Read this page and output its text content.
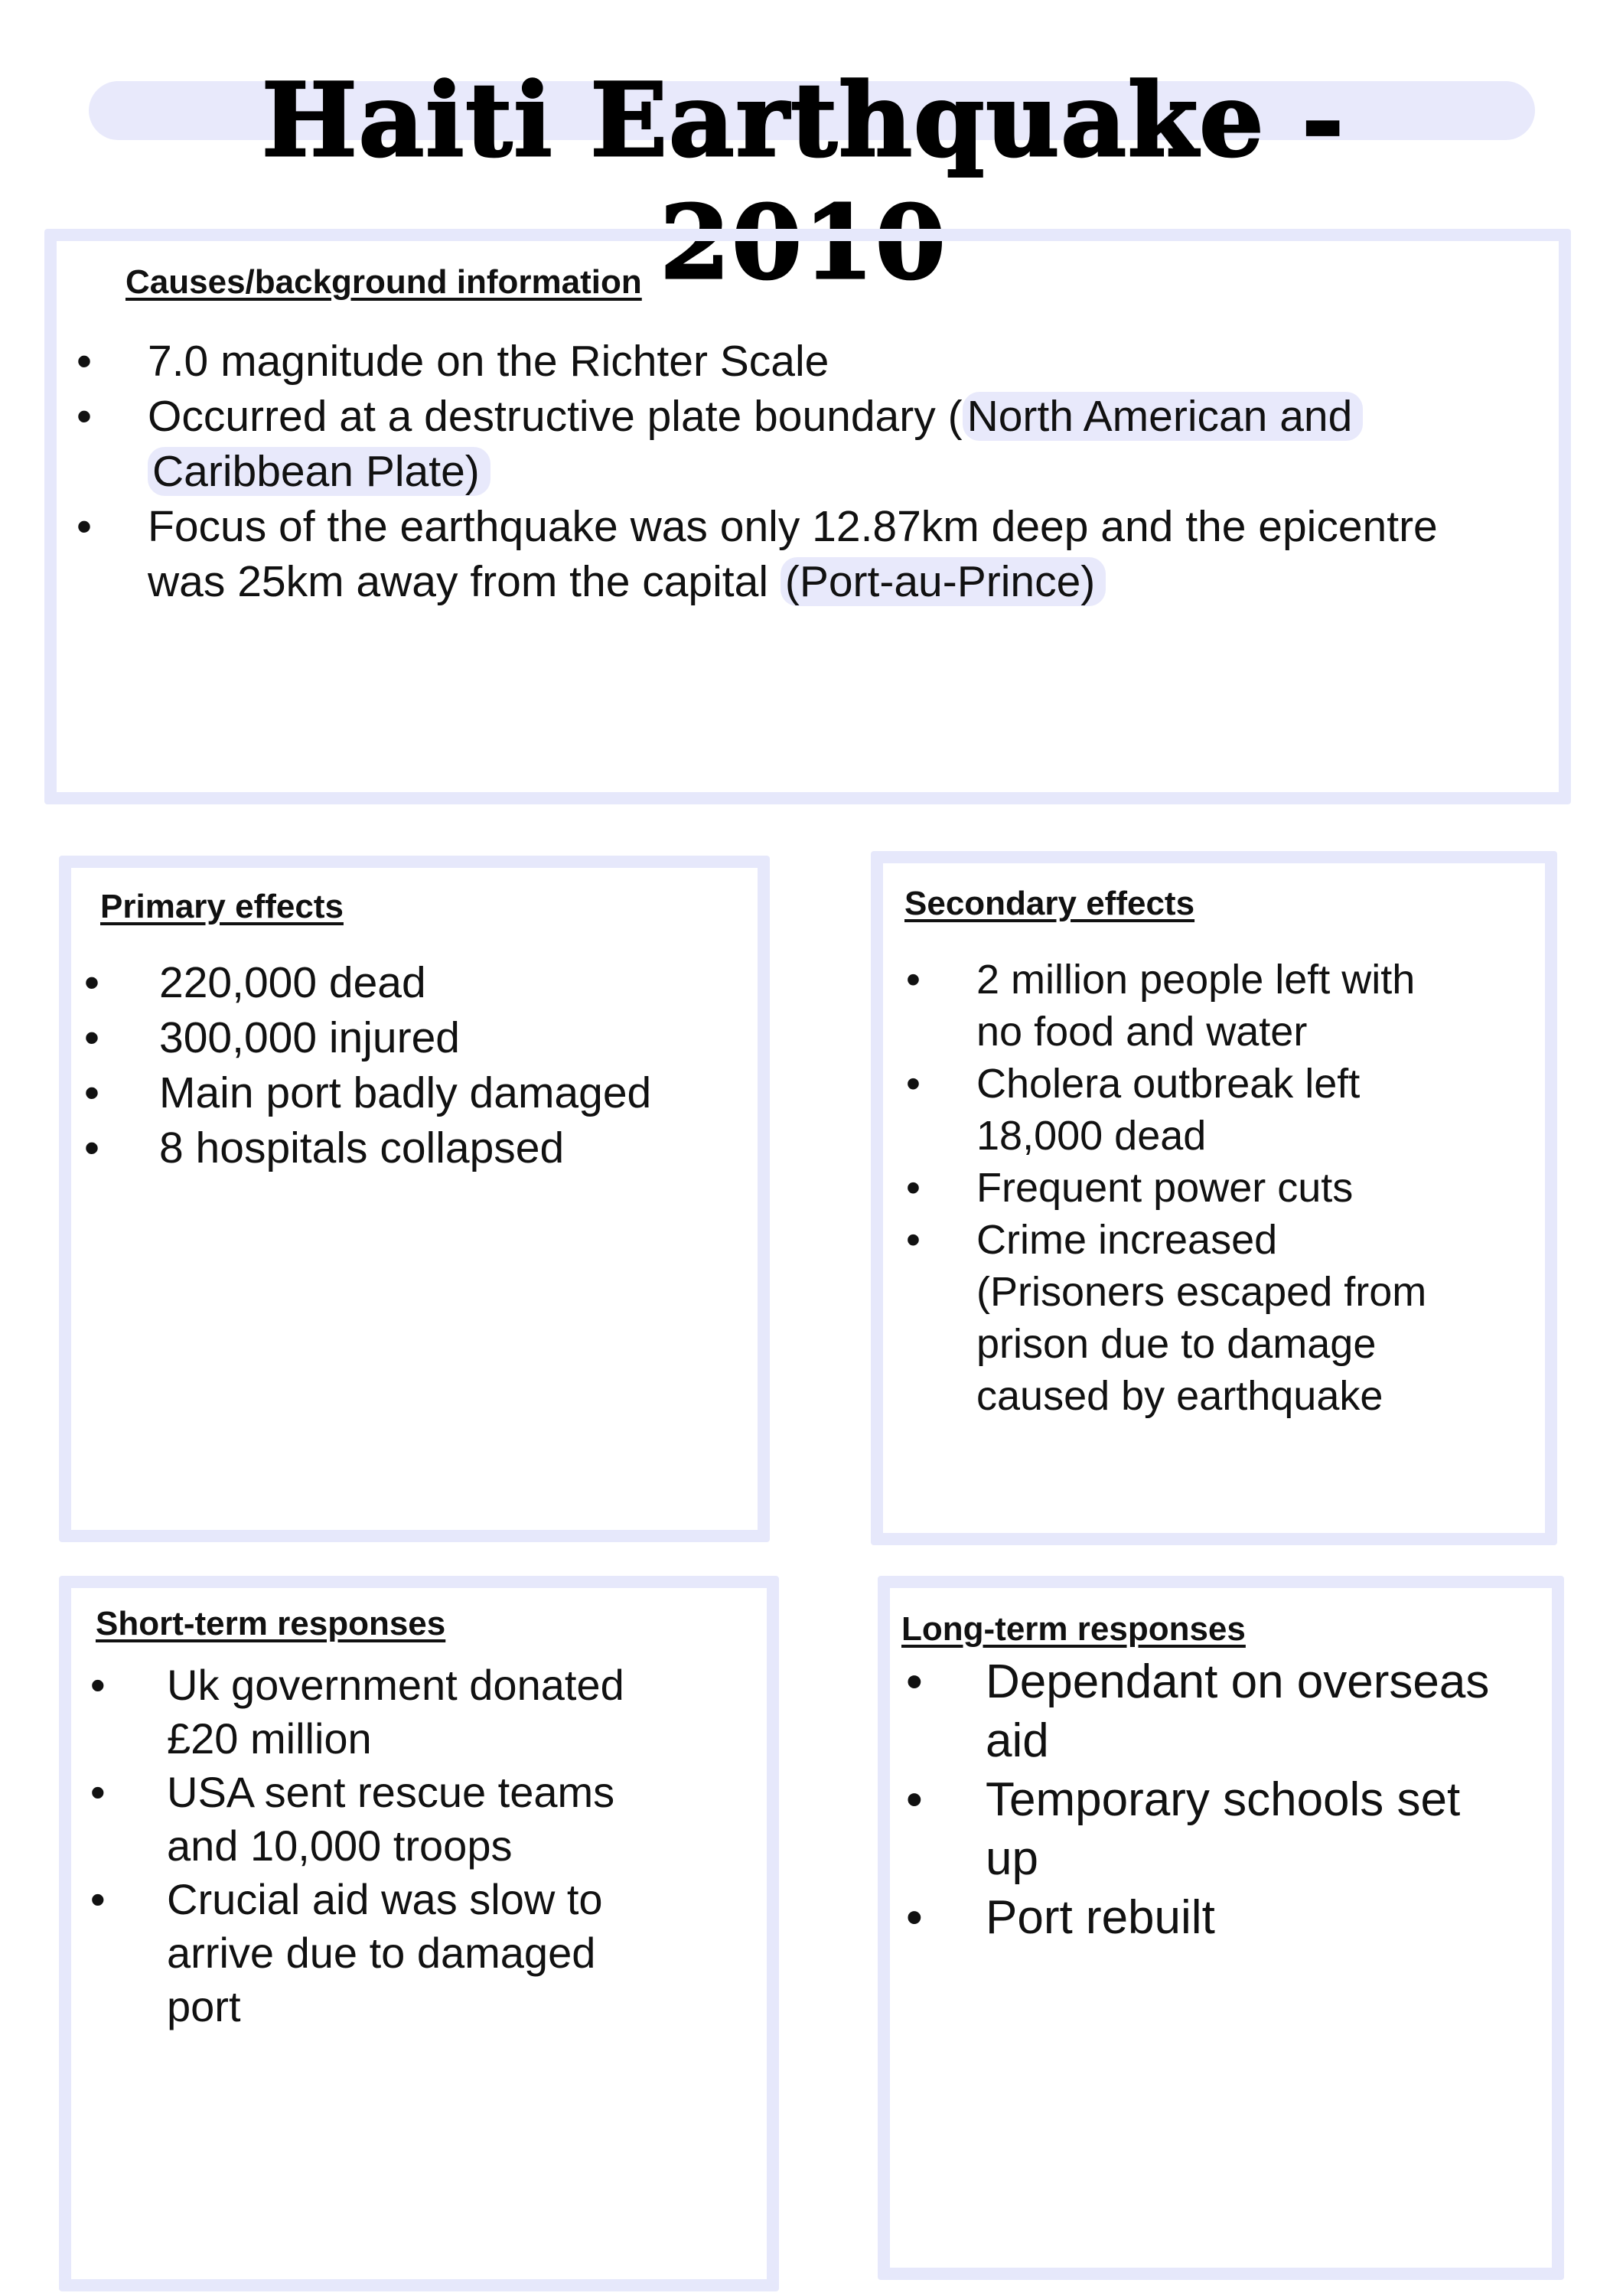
Haiti Earthquake - 2010
Causes/background information
• 7.0 magnitude on the Richter Scale
• Occurred at a destructive plate boundary ( North American and
Caribbean Plate)
• Focus of the earthquake was only 12.87km deep and the epicentre was 25km away from the capital (Port-au-Prince)
Primary effects
• 220,000 dead
• 300,000 injured
• Main port badly damaged
• 8 hospitals collapsed
Secondary effects
• 2 million people left with no food and water
• Cholera outbreak left 18,000 dead
• Frequent power cuts
• Crime increased (Prisoners escaped from prison due to damage caused by earthquake
Short-term responses
• Uk government donated £20 million
• USA sent rescue teams and 10,000 troops
• Crucial aid was slow to arrive due to damaged port
Long-term responses
• Dependant on overseas aid
• Temporary schools set up
• Port rebuilt
